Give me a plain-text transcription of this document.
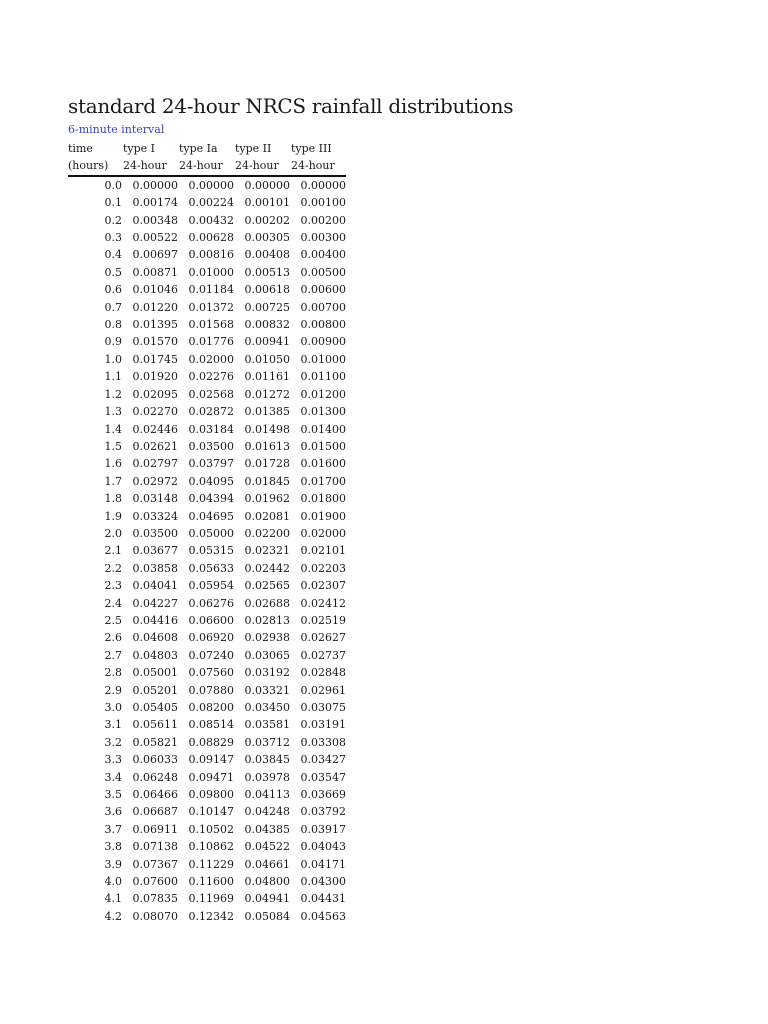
standard 24-hour NRCS rainfall distributions
6-minute interval
time	type I	type Ia	type II	type III
(hours)	24-hour	24-hour	24-hour	24-hour
0.0	0.00000	0.00000	0.00000	0.00000
0.1	0.00174	0.00224	0.00101	0.00100
0.2	0.00348	0.00432	0.00202	0.00200
0.3	0.00522	0.00628	0.00305	0.00300
0.4	0.00697	0.00816	0.00408	0.00400
0.5	0.00871	0.01000	0.00513	0.00500
0.6	0.01046	0.01184	0.00618	0.00600
0.7	0.01220	0.01372	0.00725	0.00700
0.8	0.01395	0.01568	0.00832	0.00800
0.9	0.01570	0.01776	0.00941	0.00900
1.0	0.01745	0.02000	0.01050	0.01000
1.1	0.01920	0.02276	0.01161	0.01100
1.2	0.02095	0.02568	0.01272	0.01200
1.3	0.02270	0.02872	0.01385	0.01300
1.4	0.02446	0.03184	0.01498	0.01400
1.5	0.02621	0.03500	0.01613	0.01500
1.6	0.02797	0.03797	0.01728	0.01600
1.7	0.02972	0.04095	0.01845	0.01700
1.8	0.03148	0.04394	0.01962	0.01800
1.9	0.03324	0.04695	0.02081	0.01900
2.0	0.03500	0.05000	0.02200	0.02000
2.1	0.03677	0.05315	0.02321	0.02101
2.2	0.03858	0.05633	0.02442	0.02203
2.3	0.04041	0.05954	0.02565	0.02307
2.4	0.04227	0.06276	0.02688	0.02412
2.5	0.04416	0.06600	0.02813	0.02519
2.6	0.04608	0.06920	0.02938	0.02627
2.7	0.04803	0.07240	0.03065	0.02737
2.8	0.05001	0.07560	0.03192	0.02848
2.9	0.05201	0.07880	0.03321	0.02961
3.0	0.05405	0.08200	0.03450	0.03075
3.1	0.05611	0.08514	0.03581	0.03191
3.2	0.05821	0.08829	0.03712	0.03308
3.3	0.06033	0.09147	0.03845	0.03427
3.4	0.06248	0.09471	0.03978	0.03547
3.5	0.06466	0.09800	0.04113	0.03669
3.6	0.06687	0.10147	0.04248	0.03792
3.7	0.06911	0.10502	0.04385	0.03917
3.8	0.07138	0.10862	0.04522	0.04043
3.9	0.07367	0.11229	0.04661	0.04171
4.0	0.07600	0.11600	0.04800	0.04300
4.1	0.07835	0.11969	0.04941	0.04431
4.2	0.08070	0.12342	0.05084	0.04563
